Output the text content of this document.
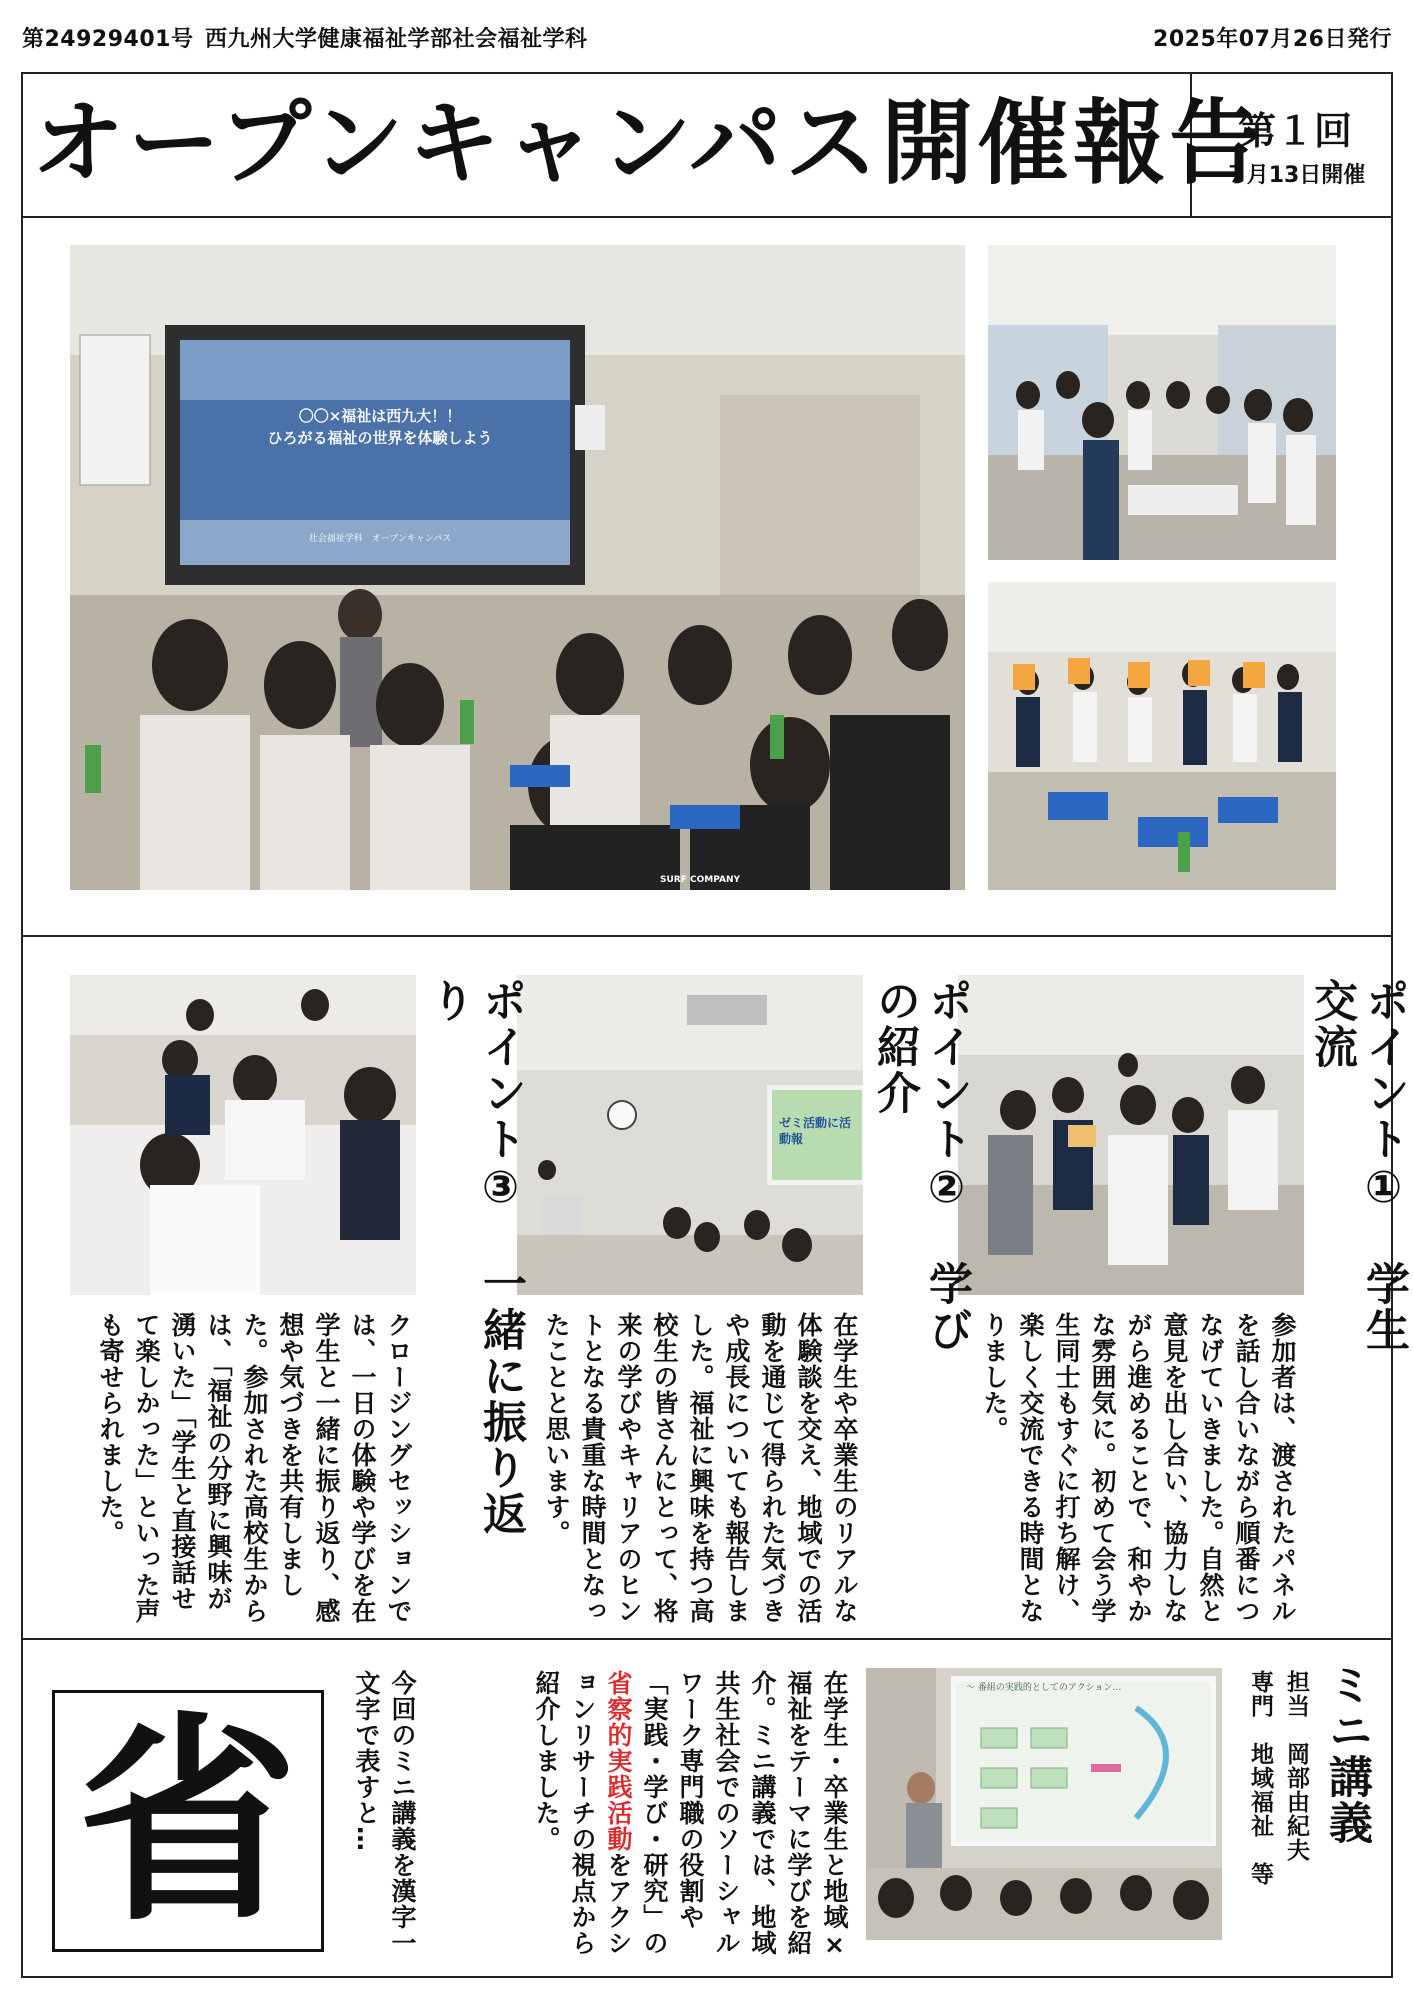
第24929401号 西九州大学健康福祉学部社会福祉学科	2025年07月26日発行
オープンキャンパス開催報告
第１回
７月13日開催
〇〇×福祉は西九大！！
ひろがる福祉の世界を体験しよう
社会福祉学科　オープンキャンパス
SURF COMPANY
ゼミ活動に活動報	ポイント①　学生交流
参加者は、渡されたパネルを話し合いながら順番につなげていきました。自然と意見を出し合い、協力しながら進めることで、和やかな雰囲気に。初めて会う学生同士もすぐに打ち解け、楽しく交流できる時間となりました。
ポイント②　学びの紹介
在学生や卒業生のリアルな体験談を交え、地域での活動を通じて得られた気づきや成長についても報告しました。福祉に興味を持つ高校生の皆さんにとって、将来の学びやキャリアのヒントとなる貴重な時間となったことと思います。
ポイント③　一緒に振り返り
クロージングセッションでは、一日の体験や学びを在学生と一緒に振り返り、感想や気づきを共有しました。参加された高校生からは、「福祉の分野に興味が湧いた」「学生と直接話せて楽しかった」といった声も寄せられました。
ミニ講義
担当　岡部由紀夫
専門　地域福祉　等
〜 番組の実践的としてのアクション…
在学生・卒業生と地域×福祉をテーマに学びを紹介。ミニ講義では、地域共生社会でのソーシャルワーク専門職の役割や「実践・学び・研究」の省察的実践活動をアクションリサーチの視点から紹介しました。
省	今回のミニ講義を漢字一文字で表すと…
